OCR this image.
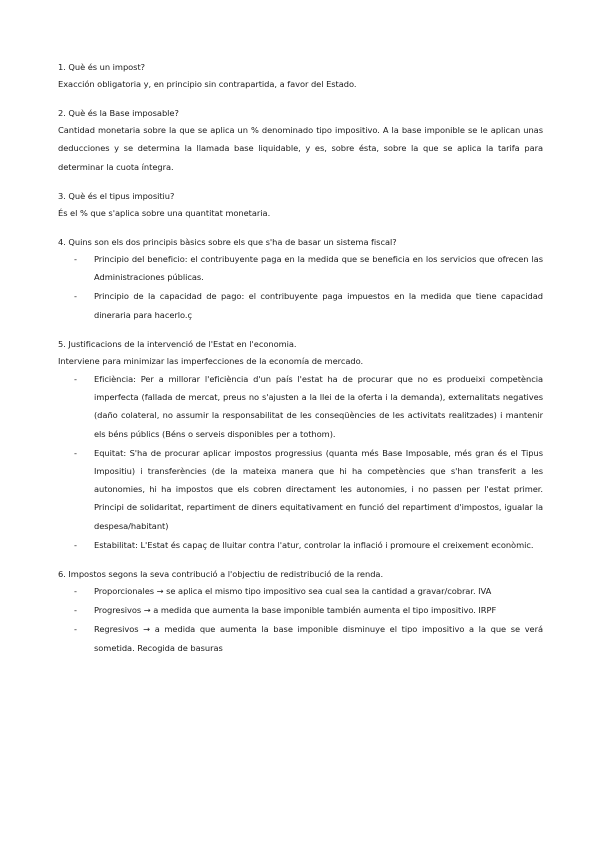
1. Què és un impost?
Exacción obligatoria y, en principio sin contrapartida, a favor del Estado.
2. Què és la Base imposable?
Cantidad monetaria sobre la que se aplica un % denominado tipo impositivo. A la base imponible se le aplican unas deducciones y se determina la llamada base liquidable, y es, sobre ésta, sobre la que se aplica la tarifa para determinar la cuota íntegra.
3. Què és el tipus impositiu?
És el % que s'aplica sobre una quantitat monetaria.
4. Quins son els dos principis bàsics sobre els que s'ha de basar un sistema fiscal?
- Principio del beneficio: el contribuyente paga en la medida que se beneficia en los servicios que ofrecen las Administraciones públicas.
- Principio de la capacidad de pago: el contribuyente paga impuestos en la medida que tiene capacidad dineraria para hacerlo.ç
5. Justificacions de la intervenció de l'Estat en l'economia.
Interviene para minimizar las imperfecciones de la economía de mercado.
- Eficiència: Per a millorar l'eficiència d'un país l'estat ha de procurar que no es produeixi competència imperfecta (fallada de mercat, preus no s'ajusten a la llei de la oferta i la demanda), externalitats negatives (daño colateral, no assumir la responsabilitat de les conseqüències de les activitats realitzades) i mantenir els béns públics (Béns o serveis disponibles per a tothom).
- Equitat: S'ha de procurar aplicar impostos progressius (quanta més Base Imposable, més gran és el Tipus Impositiu) i transferències (de la mateixa manera que hi ha competències que s'han transferit a les autonomies, hi ha impostos que els cobren directament les autonomies, i no passen per l'estat primer. Principi de solidaritat, repartiment de diners equitativament en funció del repartiment d'impostos, igualar la despesa/habitant)
- Estabilitat: L'Estat és capaç de lluitar contra l'atur, controlar la inflació i promoure el creixement econòmic.
6. Impostos segons la seva contribució a l'objectiu de redistribució de la renda.
- Proporcionales → se aplica el mismo tipo impositivo sea cual sea la cantidad a gravar/cobrar. IVA
- Progresivos → a medida que aumenta la base imponible también aumenta el tipo impositivo. IRPF
- Regresivos → a medida que aumenta la base imponible disminuye el tipo impositivo a la que se verá sometida. Recogida de basuras
